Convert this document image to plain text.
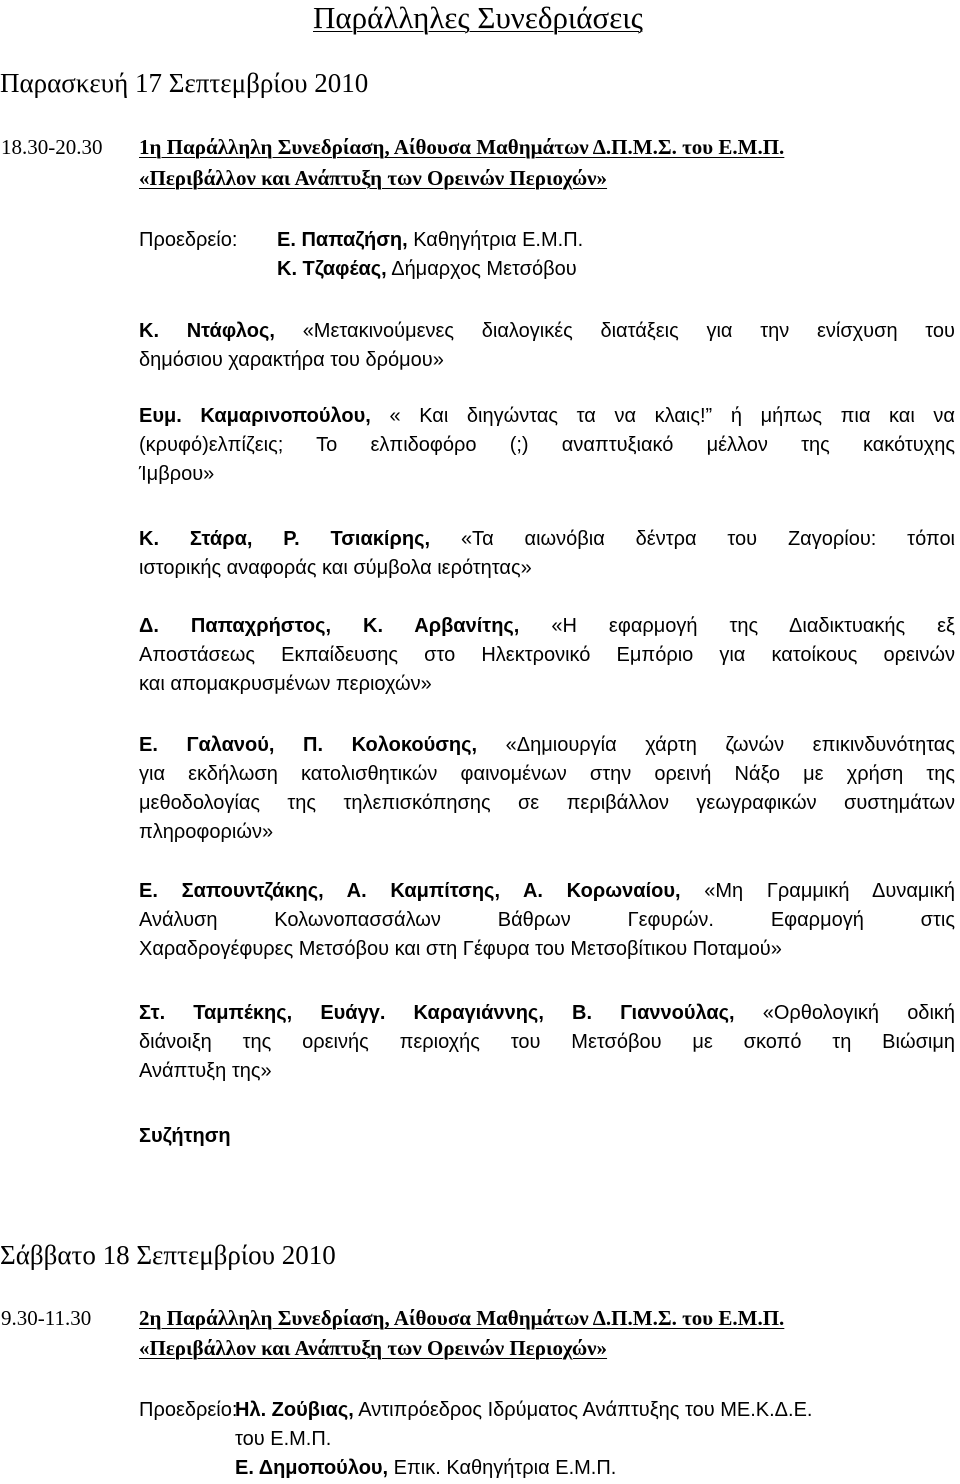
Παράλληλες Συνεδριάσεις
Παρασκευή 17 Σεπτεμβρίου 2010
18.30-20.30 1η Παράλληλη Συνεδρίαση, Αίθουσα Μαθημάτων Δ.Π.Μ.Σ. του Ε.Μ.Π.
«Περιβάλλον και Ανάπτυξη των Ορεινών Περιοχών»
Προεδρείο: Ε. Παπαζήση, Καθηγήτρια Ε.Μ.Π.
Κ. Τζαφέας, Δήμαρχος Μετσόβου
Κ. Ντάφλος, «Μετακινούμενες διαλογικές διατάξεις για την ενίσχυση του
δημόσιου χαρακτήρα του δρόμου»
Ευμ. Καμαρινοπούλου, « Και διηγώντας τα να κλαις!” ή μήπως πια και να
(κρυφό)ελπίζεις; Το ελπιδοφόρο (;) αναπτυξιακό μέλλον της κακότυχης
Ίμβρου»
Κ. Στάρα, Ρ. Τσιακίρης, «Τα αιωνόβια δέντρα του Ζαγορίου: τόποι
ιστορικής αναφοράς και σύμβολα ιερότητας»
Δ. Παπαχρήστος, Κ. Αρβανίτης, «Η εφαρμογή της Διαδικτυακής εξ
Αποστάσεως Εκπαίδευσης στο Ηλεκτρονικό Εμπόριο για κατοίκους ορεινών
και απομακρυσμένων περιοχών»
Ε. Γαλανού, Π. Κολοκούσης, «Δημιουργία χάρτη ζωνών επικινδυνότητας
για εκδήλωση κατολισθητικών φαινομένων στην ορεινή Νάξο με χρήση της
μεθοδολογίας της τηλεπισκόπησης σε περιβάλλον γεωγραφικών συστημάτων
πληροφοριών»
Ε. Σαπουντζάκης, Α. Καμπίτσης, Α. Κορωναίου, «Μη Γραμμική Δυναμική
Ανάλυση Κολωνοπασσάλων Βάθρων Γεφυρών. Εφαρμογή στις
Χαραδρογέφυρες Μετσόβου και στη Γέφυρα του Μετσοβίτικου Ποταμού»
Στ. Ταμπέκης, Ευάγγ. Καραγιάννης, Β. Γιαννούλας, «Ορθολογική οδική
διάνοιξη της ορεινής περιοχής του Μετσόβου με σκοπό τη Βιώσιμη
Ανάπτυξη της»
Συζήτηση
Σάββατο 18 Σεπτεμβρίου 2010
9.30-11.30 2η Παράλληλη Συνεδρίαση, Αίθουσα Μαθημάτων Δ.Π.Μ.Σ. του Ε.Μ.Π.
«Περιβάλλον και Ανάπτυξη των Ορεινών Περιοχών»
Προεδρείο:
Ηλ. Ζούβιας, Αντιπρόεδρος Ιδρύματος Ανάπτυξης του ΜΕ.Κ.Δ.Ε.
του Ε.Μ.Π.
Ε. Δημοπούλου, Επικ. Καθηγήτρια Ε.Μ.Π.
